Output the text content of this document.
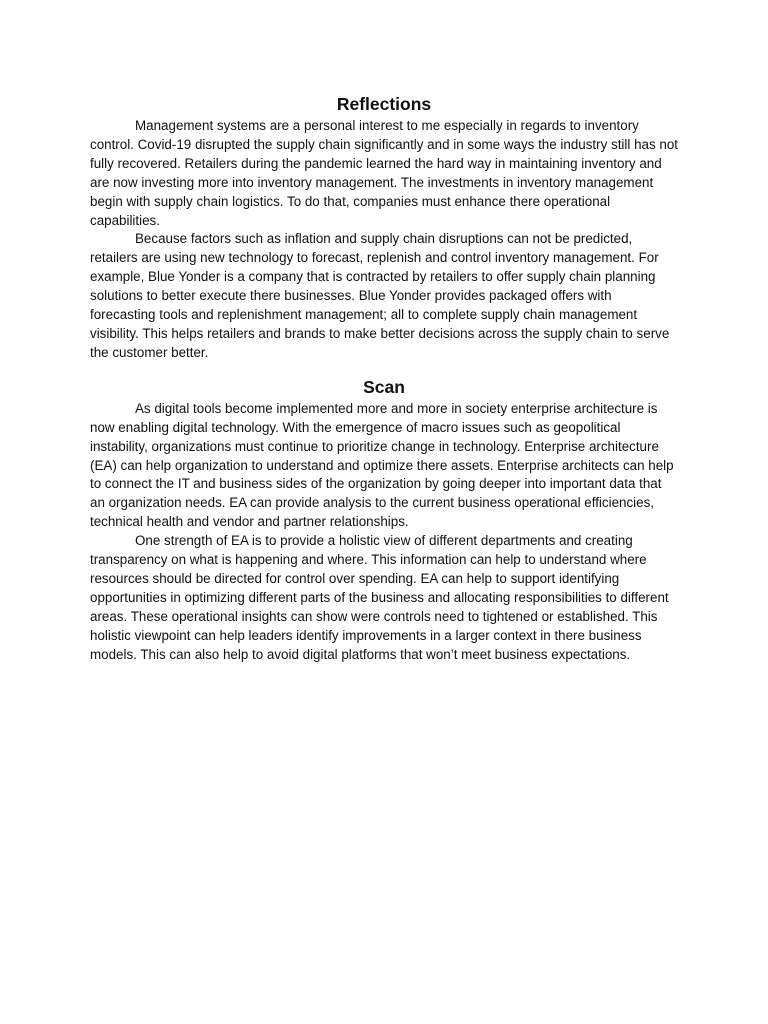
Reflections

Management systems are a personal interest to me especially in regards to inventory control. Covid-19 disrupted the supply chain significantly and in some ways the industry still has not fully recovered. Retailers during the pandemic learned the hard way in maintaining inventory and are now investing more into inventory management. The investments in inventory management begin with supply chain logistics. To do that, companies must enhance there operational capabilities.

Because factors such as inflation and supply chain disruptions can not be predicted, retailers are using new technology to forecast, replenish and control inventory management. For example, Blue Yonder is a company that is contracted by retailers to offer supply chain planning solutions to better execute there businesses. Blue Yonder provides packaged offers with forecasting tools and replenishment management; all to complete supply chain management visibility. This helps retailers and brands to make better decisions across the supply chain to serve the customer better.

Scan

As digital tools become implemented more and more in society enterprise architecture is now enabling digital technology. With the emergence of macro issues such as geopolitical instability, organizations must continue to prioritize change in technology. Enterprise architecture (EA) can help organization to understand and optimize there assets. Enterprise architects can help to connect the IT and business sides of the organization by going deeper into important data that an organization needs. EA can provide analysis to the current business operational efficiencies, technical health and vendor and partner relationships.

One strength of EA is to provide a holistic view of different departments and creating transparency on what is happening and where. This information can help to understand where resources should be directed for control over spending. EA can help to support identifying opportunities in optimizing different parts of the business and allocating responsibilities to different areas. These operational insights can show were controls need to tightened or established. This holistic viewpoint can help leaders identify improvements in a larger context in there business models. This can also help to avoid digital platforms that won’t meet business expectations.
